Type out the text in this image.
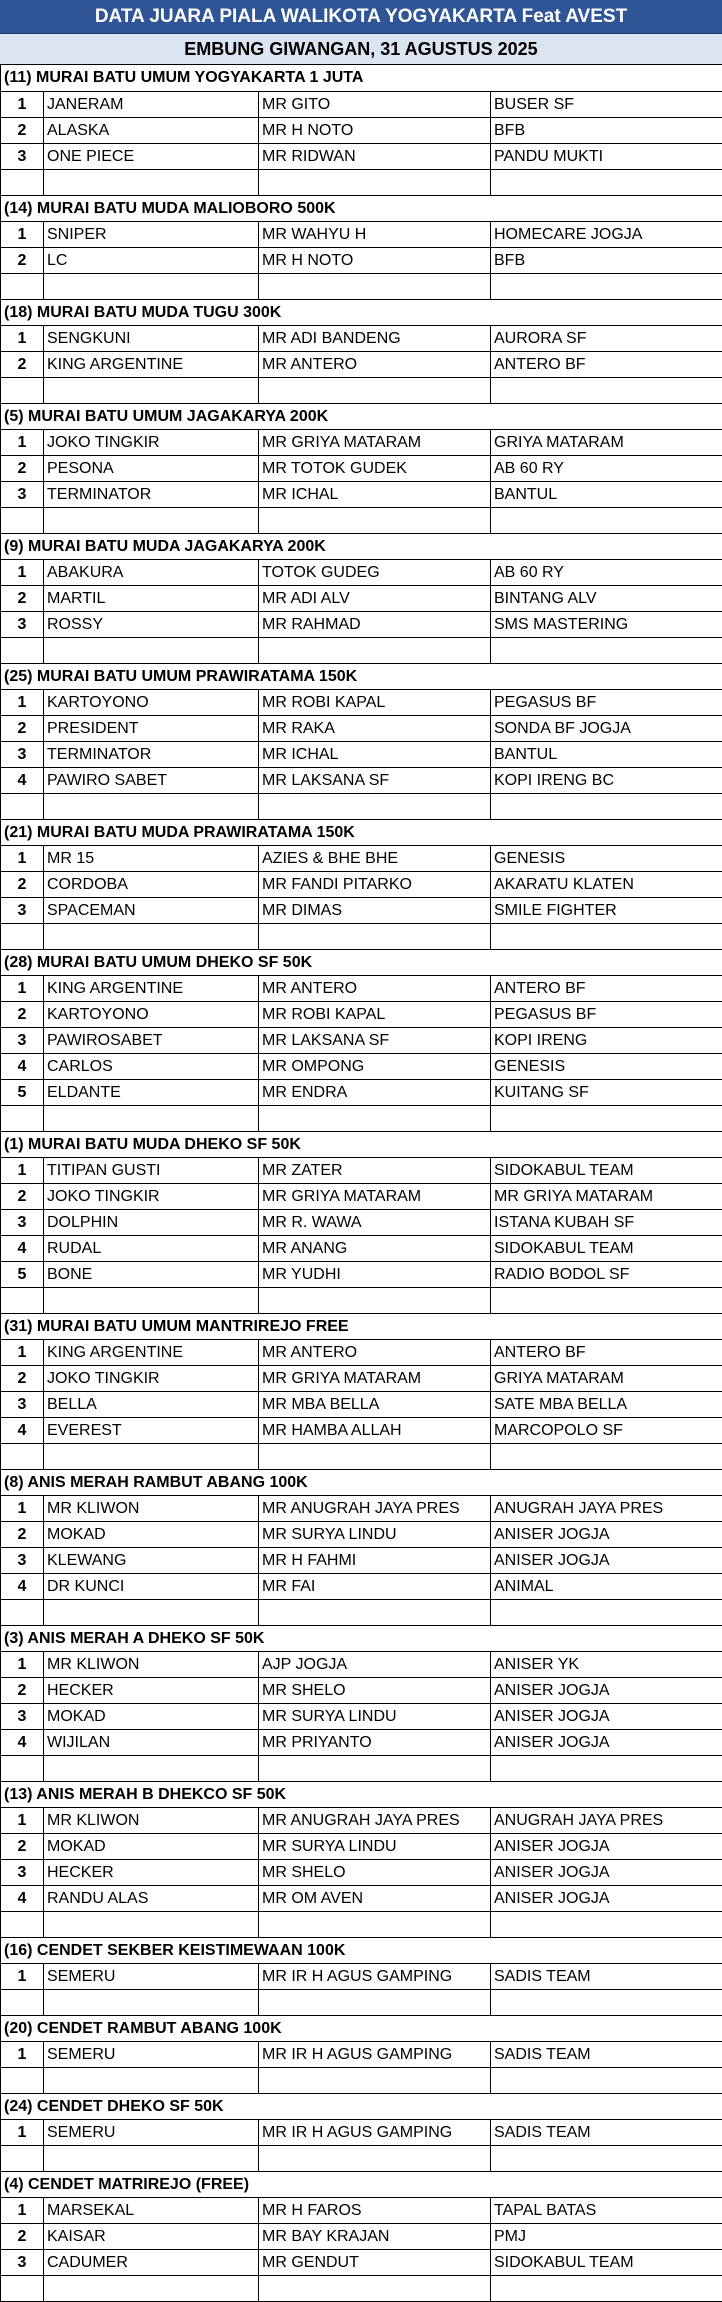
DATA JUARA PIALA WALIKOTA YOGYAKARTA Feat AVEST
EMBUNG GIWANGAN, 31 AGUSTUS 2025
(11) MURAI BATU UMUM YOGYAKARTA 1 JUTA			
1	JANERAM	MR GITO	BUSER SF
2	ALASKA	MR H NOTO	BFB
3	ONE PIECE	MR RIDWAN	PANDU MUKTI

(14) MURAI BATU MUDA MALIOBORO 500K			
1	SNIPER	MR WAHYU H	HOMECARE JOGJA
2	LC	MR H NOTO	BFB

(18) MURAI BATU MUDA TUGU 300K			
1	SENGKUNI	MR ADI BANDENG	AURORA SF
2	KING ARGENTINE	MR ANTERO	ANTERO BF

(5) MURAI BATU UMUM JAGAKARYA 200K			
1	JOKO TINGKIR	MR GRIYA MATARAM	GRIYA MATARAM
2	PESONA	MR TOTOK GUDEK	AB 60 RY
3	TERMINATOR	MR ICHAL	BANTUL

(9) MURAI BATU MUDA JAGAKARYA 200K			
1	ABAKURA	TOTOK GUDEG	AB 60 RY
2	MARTIL	MR ADI ALV	BINTANG ALV
3	ROSSY	MR RAHMAD	SMS MASTERING

(25) MURAI BATU UMUM PRAWIRATAMA 150K			
1	KARTOYONO	MR ROBI KAPAL	PEGASUS BF
2	PRESIDENT	MR RAKA	SONDA BF JOGJA
3	TERMINATOR	MR ICHAL	BANTUL
4	PAWIRO SABET	MR LAKSANA SF	KOPI IRENG BC

(21) MURAI BATU MUDA PRAWIRATAMA 150K			
1	MR 15	AZIES & BHE BHE	GENESIS
2	CORDOBA	MR FANDI PITARKO	AKARATU KLATEN
3	SPACEMAN	MR DIMAS	SMILE FIGHTER

(28) MURAI BATU UMUM DHEKO SF 50K			
1	KING ARGENTINE	MR ANTERO	ANTERO BF
2	KARTOYONO	MR ROBI KAPAL	PEGASUS BF
3	PAWIROSABET	MR LAKSANA SF	KOPI IRENG
4	CARLOS	MR OMPONG	GENESIS
5	ELDANTE	MR ENDRA	KUITANG SF

(1) MURAI BATU MUDA DHEKO SF 50K			
1	TITIPAN GUSTI	MR ZATER	SIDOKABUL TEAM
2	JOKO TINGKIR	MR GRIYA MATARAM	MR GRIYA MATARAM
3	DOLPHIN	MR R. WAWA	ISTANA KUBAH SF
4	RUDAL	MR ANANG	SIDOKABUL TEAM
5	BONE	MR YUDHI	RADIO BODOL SF

(31) MURAI BATU UMUM MANTRIREJO FREE			
1	KING ARGENTINE	MR ANTERO	ANTERO BF
2	JOKO TINGKIR	MR GRIYA MATARAM	GRIYA MATARAM
3	BELLA	MR MBA BELLA	SATE MBA BELLA
4	EVEREST	MR HAMBA ALLAH	MARCOPOLO SF

(8) ANIS MERAH RAMBUT ABANG 100K			
1	MR KLIWON	MR ANUGRAH JAYA PRES	ANUGRAH JAYA PRES
2	MOKAD	MR SURYA LINDU	ANISER JOGJA
3	KLEWANG	MR H FAHMI	ANISER JOGJA
4	DR KUNCI	MR FAI	ANIMAL

(3) ANIS MERAH A DHEKO SF 50K			
1	MR KLIWON	AJP JOGJA	ANISER YK
2	HECKER	MR SHELO	ANISER JOGJA
3	MOKAD	MR SURYA LINDU	ANISER JOGJA
4	WIJILAN	MR PRIYANTO	ANISER JOGJA

(13) ANIS MERAH B DHEKCO SF 50K			
1	MR KLIWON	MR ANUGRAH JAYA PRES	ANUGRAH JAYA PRES
2	MOKAD	MR SURYA LINDU	ANISER JOGJA
3	HECKER	MR SHELO	ANISER JOGJA
4	RANDU ALAS	MR OM AVEN	ANISER JOGJA

(16) CENDET SEKBER KEISTIMEWAAN 100K			
1	SEMERU	MR IR H AGUS GAMPING	SADIS TEAM

(20) CENDET RAMBUT ABANG 100K			
1	SEMERU	MR IR H AGUS GAMPING	SADIS TEAM

(24) CENDET DHEKO SF 50K			
1	SEMERU	MR IR H AGUS GAMPING	SADIS TEAM

(4) CENDET MATRIREJO (FREE)			
1	MARSEKAL	MR H FAROS	TAPAL BATAS
2	KAISAR	MR BAY KRAJAN	PMJ
3	CADUMER	MR GENDUT	SIDOKABUL TEAM
